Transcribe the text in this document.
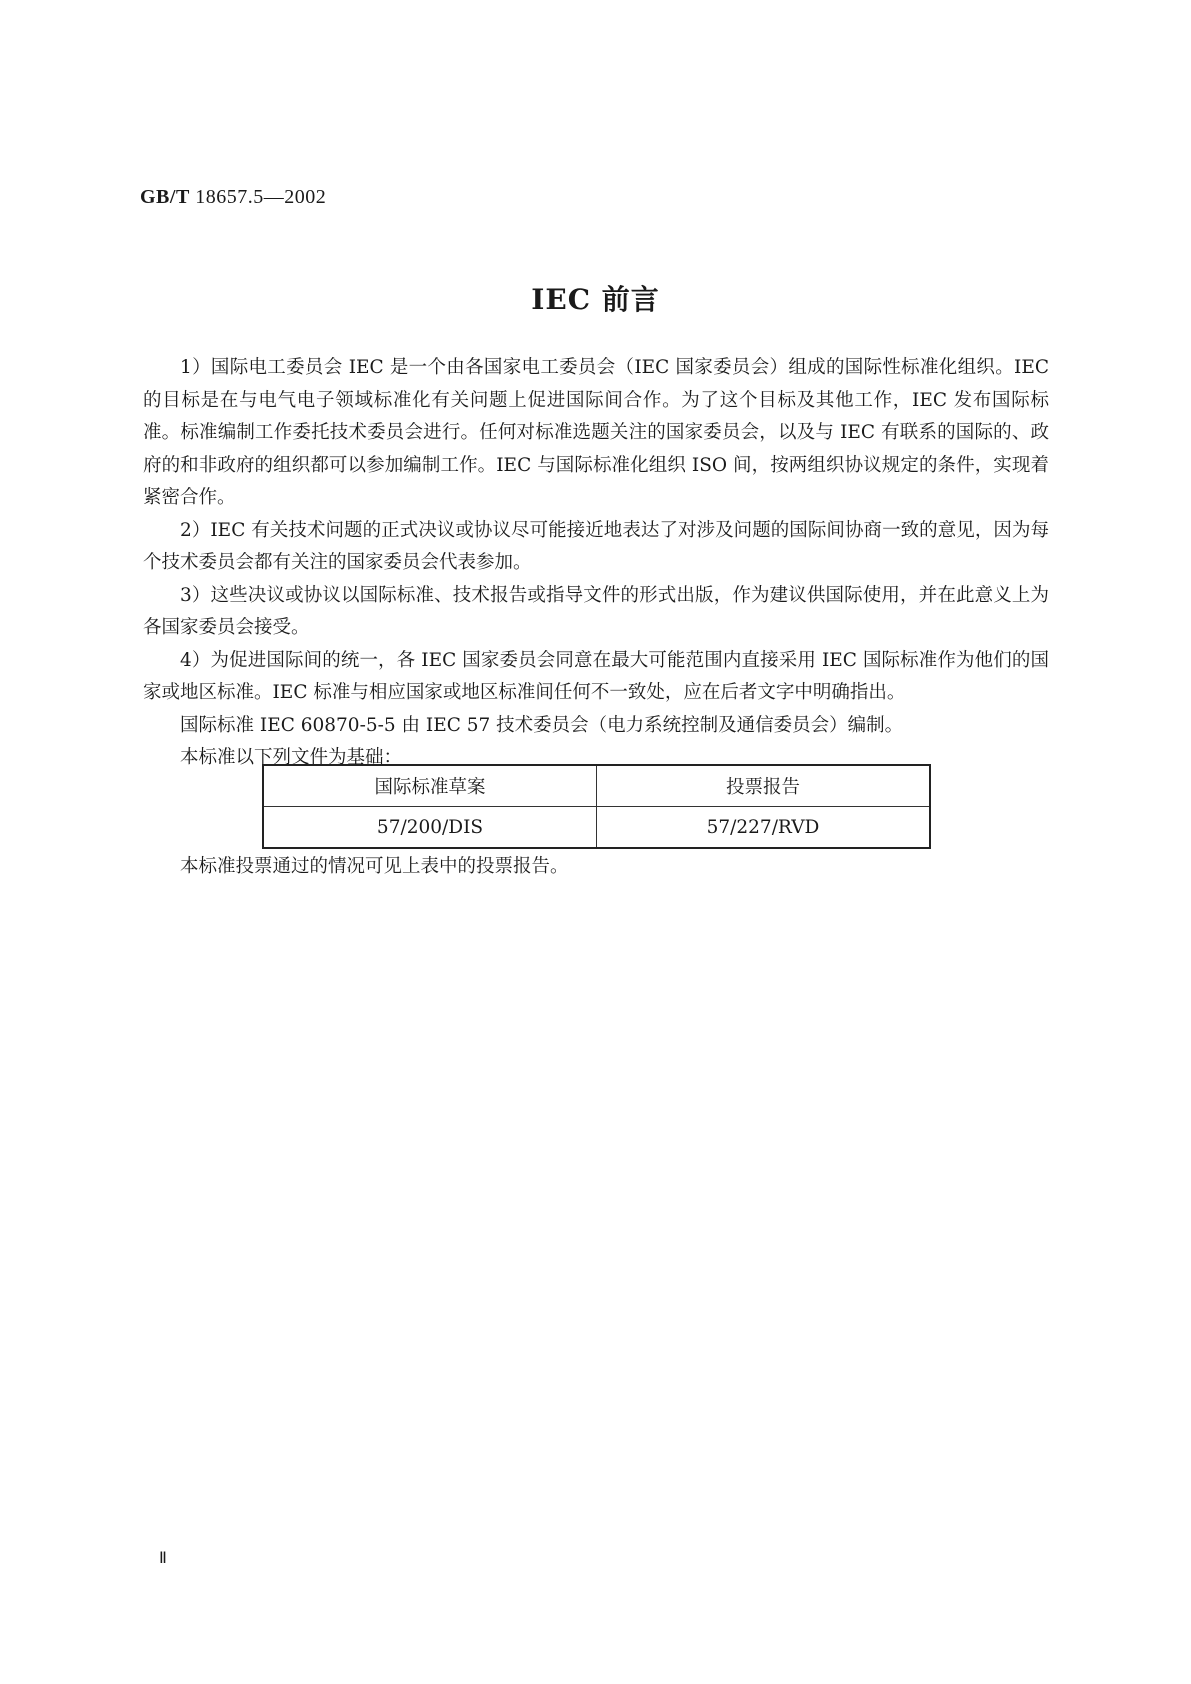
GB/T 18657.5—2002
IEC 前言

1）国际电工委员会 IEC 是一个由各国家电工委员会（IEC 国家委员会）组成的国际性标准化组织。IEC 的目标是在与电气电子领域标准化有关问题上促进国际间合作。为了这个目标及其他工作，IEC 发布国际标准。标准编制工作委托技术委员会进行。任何对标准选题关注的国家委员会，以及与 IEC 有联系的国际的、政府的和非政府的组织都可以参加编制工作。IEC 与国际标准化组织 ISO 间，按两组织协议规定的条件，实现着紧密合作。

2）IEC 有关技术问题的正式决议或协议尽可能接近地表达了对涉及问题的国际间协商一致的意见，因为每个技术委员会都有关注的国家委员会代表参加。

3）这些决议或协议以国际标准、技术报告或指导文件的形式出版，作为建议供国际使用，并在此意义上为各国家委员会接受。

4）为促进国际间的统一，各 IEC 国家委员会同意在最大可能范围内直接采用 IEC 国际标准作为他们的国家或地区标准。IEC 标准与相应国家或地区标准间任何不一致处，应在后者文字中明确指出。

国际标准 IEC 60870-5-5 由 IEC 57 技术委员会（电力系统控制及通信委员会）编制。

本标准以下列文件为基础：

国际标准草案	投票报告
57/200/DIS	57/227/RVD

本标准投票通过的情况可见上表中的投票报告。

Ⅱ
